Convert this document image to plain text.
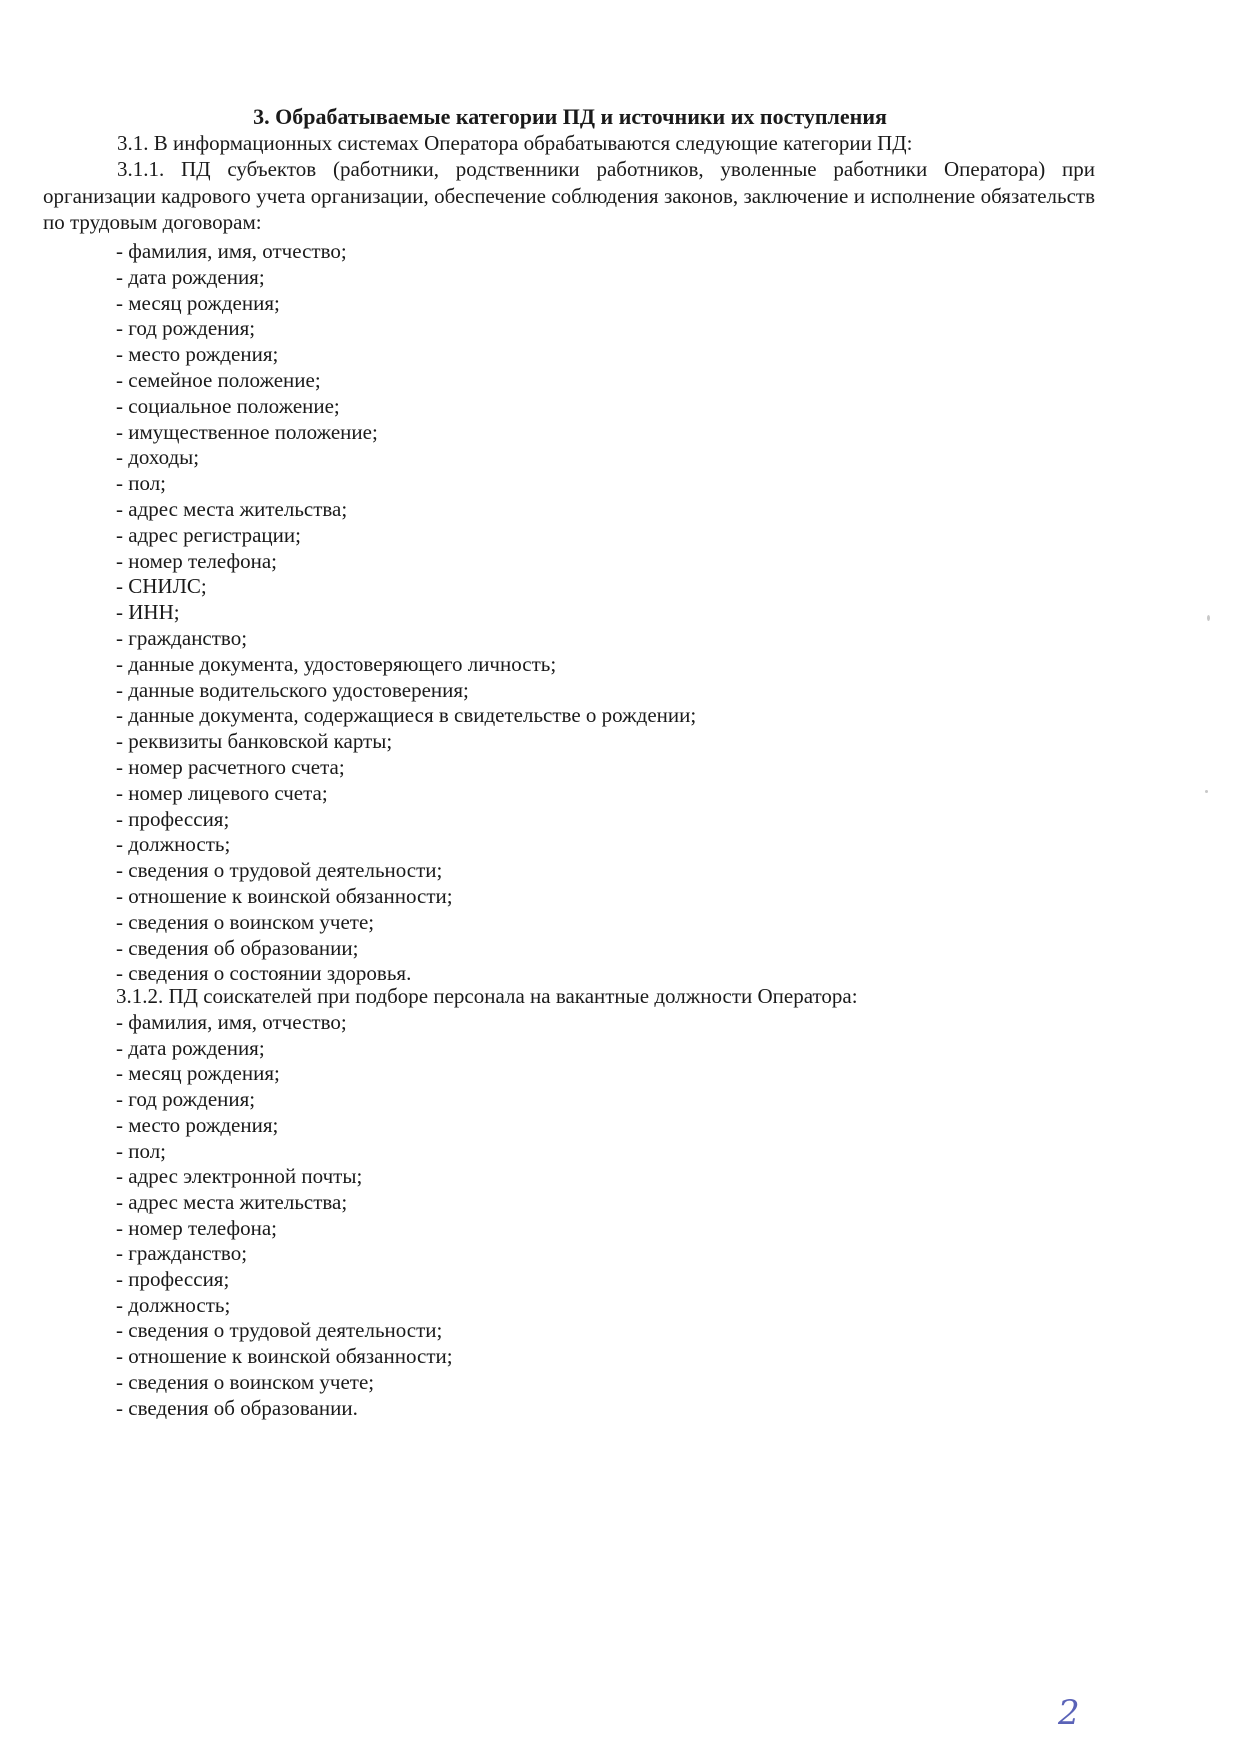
3. Обрабатываемые категории ПД и источники их поступления
3.1. В информационных системах Оператора обрабатываются следующие категории ПД:
3.1.1. ПД субъектов (работники, родственники работников, уволенные работники Оператора) при организации кадрового учета организации, обеспечение соблюдения законов, заключение и исполнение обязательств по трудовым договорам:
- фамилия, имя, отчество;
- дата рождения;
- месяц рождения;
- год рождения;
- место рождения;
- семейное положение;
- социальное положение;
- имущественное положение;
- доходы;
- пол;
- адрес места жительства;
- адрес регистрации;
- номер телефона;
- СНИЛС;
- ИНН;
- гражданство;
- данные документа, удостоверяющего личность;
- данные водительского удостоверения;
- данные документа, содержащиеся в свидетельстве о рождении;
- реквизиты банковской карты;
- номер расчетного счета;
- номер лицевого счета;
- профессия;
- должность;
- сведения о трудовой деятельности;
- отношение к воинской обязанности;
- сведения о воинском учете;
- сведения об образовании;
- сведения о состоянии здоровья.
3.1.2. ПД соискателей при подборе персонала на вакантные должности Оператора:
- фамилия, имя, отчество;
- дата рождения;
- месяц рождения;
- год рождения;
- место рождения;
- пол;
- адрес электронной почты;
- адрес места жительства;
- номер телефона;
- гражданство;
- профессия;
- должность;
- сведения о трудовой деятельности;
- отношение к воинской обязанности;
- сведения о воинском учете;
- сведения об образовании.
2
